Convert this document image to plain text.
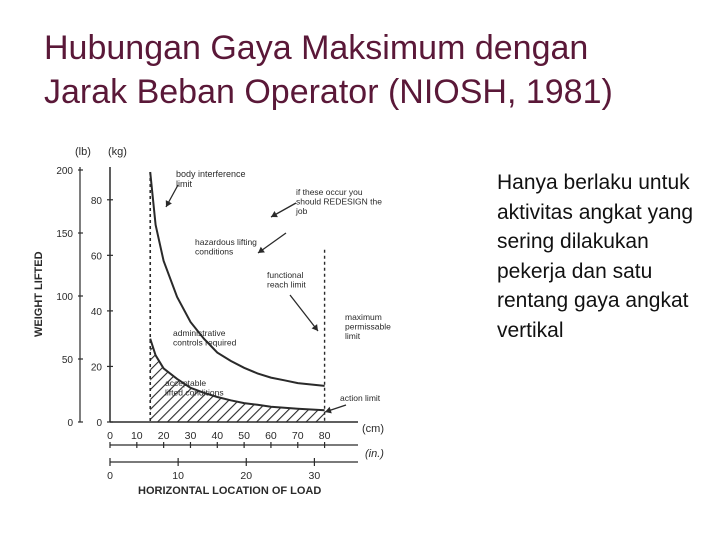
Hubungan Gaya Maksimum dengan
Jarak Beban Operator (NIOSH, 1981)
Hanya berlaku untuk aktivitas angkat yang sering dilakukan pekerja dan satu rentang gaya angkat vertikal
0
20
40
60
80
0
50
100
150
200
0 10 20 30 40 50 60 70 80
0	10	20	30
(lb) (kg)
(cm)
(in.)
WEIGHT LIFTED
HORIZONTAL LOCATION OF LOAD
body interference limit
if these occur you should REDESIGN the job
hazardous lifting conditions
functional reach limit
maximum permissable limit
administrative controls required
acceptable lifted conditions
action limit
